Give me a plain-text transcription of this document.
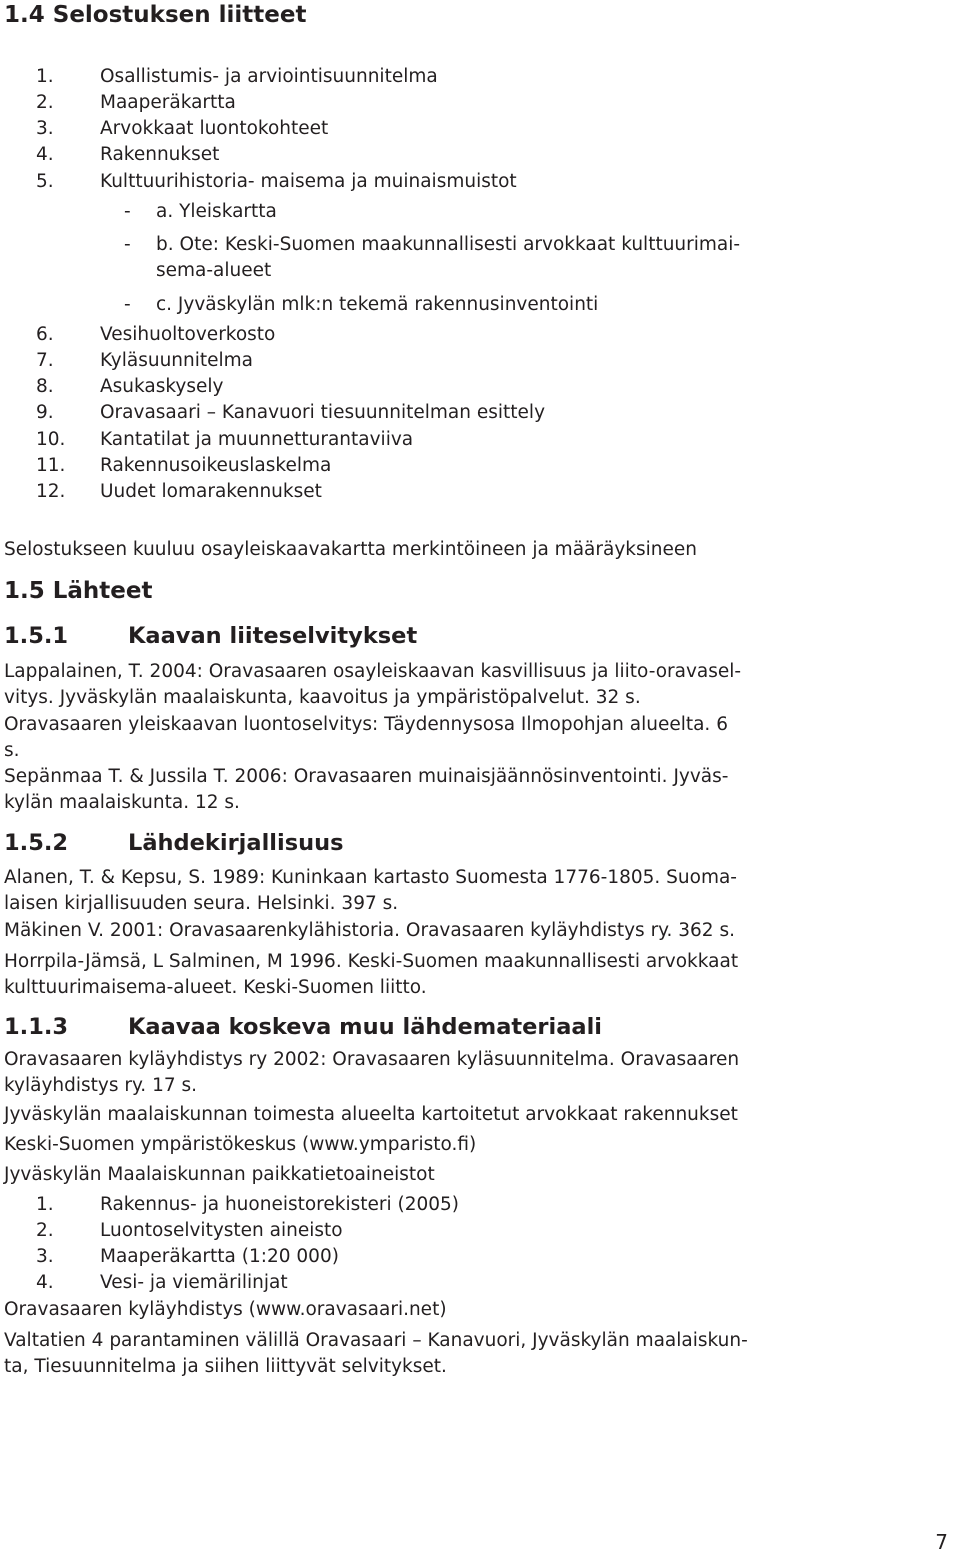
1.4 Selostuksen liitteet
1.	Osallistumis- ja arviointisuunnitelma
2.	Maaperäkartta
3.	Arvokkaat luontokohteet
4.	Rakennukset
5.	Kulttuurihistoria- maisema ja muinaismuistot
- a. Yleiskartta
- b. Ote: Keski-Suomen maakunnallisesti arvokkaat kulttuurimai-
sema-alueet
- c. Jyväskylän mlk:n tekemä rakennusinventointi
6.	Vesihuoltoverkosto
7.	Kyläsuunnitelma
8.	Asukaskysely
9.	Oravasaari – Kanavuori tiesuunnitelman esittely
10. Kantatilat ja muunnetturantaviiva
11. Rakennusoikeuslaskelma
12. Uudet lomarakennukset
Selostukseen kuuluu osayleiskaavakartta merkintöineen ja määräyksineen
1.5 Lähteet
1.5.1	Kaavan liiteselvitykset
Lappalainen, T. 2004: Oravasaaren osayleiskaavan kasvillisuus ja liito-oravasel-
vitys. Jyväskylän maalaiskunta, kaavoitus ja ympäristöpalvelut. 32 s.
Oravasaaren yleiskaavan luontoselvitys: Täydennysosa Ilmopohjan alueelta. 6
s.
Sepänmaa T. & Jussila T. 2006: Oravasaaren muinaisjäännösinventointi. Jyväs-
kylän maalaiskunta. 12 s.
1.5.2	Lähdekirjallisuus
Alanen, T. & Kepsu, S. 1989: Kuninkaan kartasto Suomesta 1776-1805. Suoma-
laisen kirjallisuuden seura. Helsinki. 397 s.
Mäkinen V. 2001: Oravasaarenkylähistoria. Oravasaaren kyläyhdistys ry. 362 s.
Horrpila-Jämsä, L Salminen, M 1996. Keski-Suomen maakunnallisesti arvokkaat
kulttuurimaisema-alueet. Keski-Suomen liitto.
1.1.3	Kaavaa koskeva muu lähdemateriaali
Oravasaaren kyläyhdistys ry 2002: Oravasaaren kyläsuunnitelma. Oravasaaren
kyläyhdistys ry. 17 s.
Jyväskylän maalaiskunnan toimesta alueelta kartoitetut arvokkaat rakennukset
Keski-Suomen ympäristökeskus (www.ymparisto.fi)
Jyväskylän Maalaiskunnan paikkatietoaineistot
1.	Rakennus- ja huoneistorekisteri (2005)
2.	Luontoselvitysten aineisto
3.	Maaperäkartta (1:20 000)
4.	Vesi- ja viemärilinjat
Oravasaaren kyläyhdistys (www.oravasaari.net)
Valtatien 4 parantaminen välillä Oravasaari – Kanavuori, Jyväskylän maalaiskun-
ta, Tiesuunnitelma ja siihen liittyvät selvitykset.
7
